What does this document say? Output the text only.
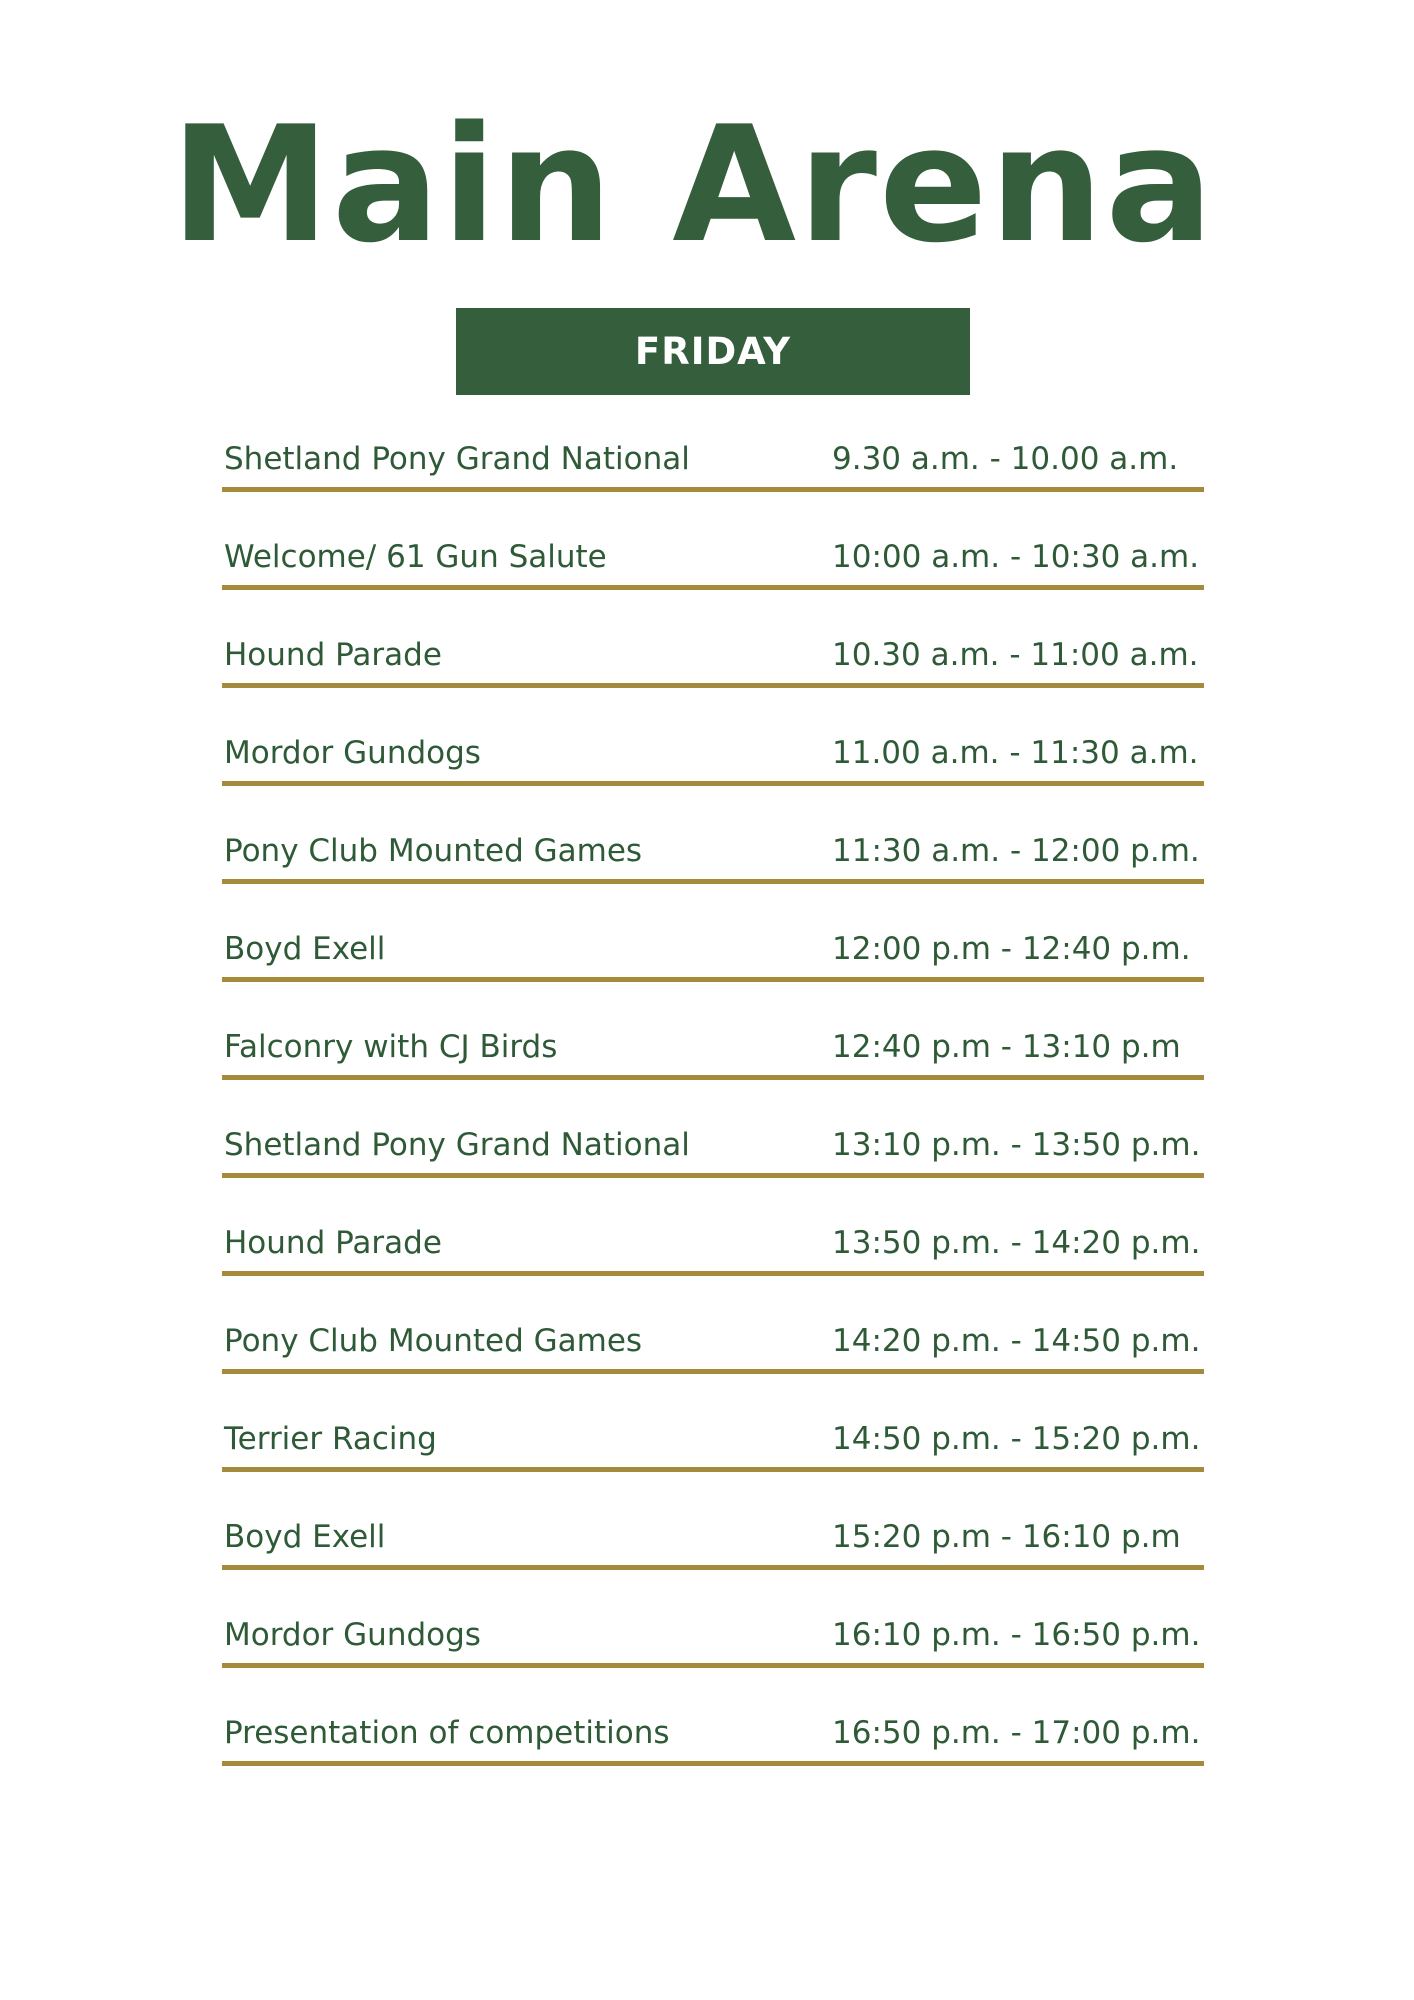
Main Arena
FRIDAY
Shetland Pony Grand National	9.30 a.m. - 10.00 a.m.
Welcome/ 61 Gun Salute	10:00 a.m. - 10:30 a.m.
Hound Parade	10.30 a.m. - 11:00 a.m.
Mordor Gundogs	11.00 a.m. - 11:30 a.m.
Pony Club Mounted Games	11:30 a.m. - 12:00 p.m.
Boyd Exell	12:00 p.m - 12:40 p.m.
Falconry with CJ Birds	12:40 p.m - 13:10 p.m
Shetland Pony Grand National	13:10 p.m. - 13:50 p.m.
Hound Parade	13:50 p.m. - 14:20 p.m.
Pony Club Mounted Games	14:20 p.m. - 14:50 p.m.
Terrier Racing	14:50 p.m. - 15:20 p.m.
Boyd Exell	15:20 p.m - 16:10 p.m
Mordor Gundogs	16:10 p.m. - 16:50 p.m.
Presentation of competitions	16:50 p.m. - 17:00 p.m.
